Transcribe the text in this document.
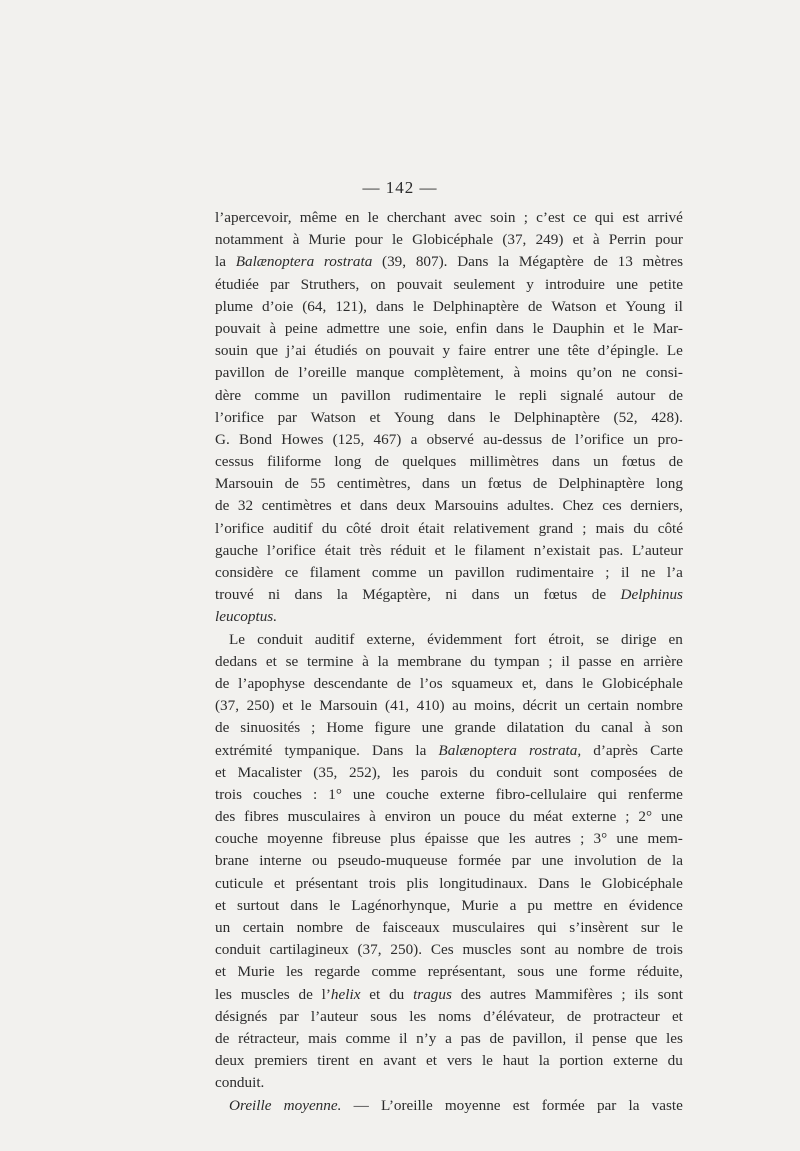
— 142 —
l’apercevoir, même en le cherchant avec soin ; c’est ce qui est arrivé
notamment à Murie pour le Globicéphale (37, 249) et à Perrin pour
la Balænoptera rostrata (39, 807). Dans la Mégaptère de 13 mètres
étudiée par Struthers, on pouvait seulement y introduire une petite
plume d’oie (64, 121), dans le Delphinaptère de Watson et Young il
pouvait à peine admettre une soie, enfin dans le Dauphin et le Mar-
souin que j’ai étudiés on pouvait y faire entrer une tête d’épingle. Le
pavillon de l’oreille manque complètement, à moins qu’on ne consi-
dère comme un pavillon rudimentaire le repli signalé autour de
l’orifice par Watson et Young dans le Delphinaptère (52, 428).
G. Bond Howes (125, 467) a observé au-dessus de l’orifice un pro-
cessus filiforme long de quelques millimètres dans un fœtus de
Marsouin de 55 centimètres, dans un fœtus de Delphinaptère long
de 32 centimètres et dans deux Marsouins adultes. Chez ces derniers,
l’orifice auditif du côté droit était relativement grand ; mais du côté
gauche l’orifice était très réduit et le filament n’existait pas. L’auteur
considère ce filament comme un pavillon rudimentaire ; il ne l’a
trouvé ni dans la Mégaptère, ni dans un fœtus de Delphinus
leucoptus.
Le conduit auditif externe, évidemment fort étroit, se dirige en
dedans et se termine à la membrane du tympan ; il passe en arrière
de l’apophyse descendante de l’os squameux et, dans le Globicéphale
(37, 250) et le Marsouin (41, 410) au moins, décrit un certain nombre
de sinuosités ; Home figure une grande dilatation du canal à son
extrémité tympanique. Dans la Balænoptera rostrata, d’après Carte
et Macalister (35, 252), les parois du conduit sont composées de
trois couches : 1° une couche externe fibro-cellulaire qui renferme
des fibres musculaires à environ un pouce du méat externe ; 2° une
couche moyenne fibreuse plus épaisse que les autres ; 3° une mem-
brane interne ou pseudo-muqueuse formée par une involution de la
cuticule et présentant trois plis longitudinaux. Dans le Globicéphale
et surtout dans le Lagénorhynque, Murie a pu mettre en évidence
un certain nombre de faisceaux musculaires qui s’insèrent sur le
conduit cartilagineux (37, 250). Ces muscles sont au nombre de trois
et Murie les regarde comme représentant, sous une forme réduite,
les muscles de l’helix et du tragus des autres Mammifères ; ils sont
désignés par l’auteur sous les noms d’élévateur, de protracteur et
de rétracteur, mais comme il n’y a pas de pavillon, il pense que les
deux premiers tirent en avant et vers le haut la portion externe du
conduit.
Oreille moyenne. — L’oreille moyenne est formée par la vaste
